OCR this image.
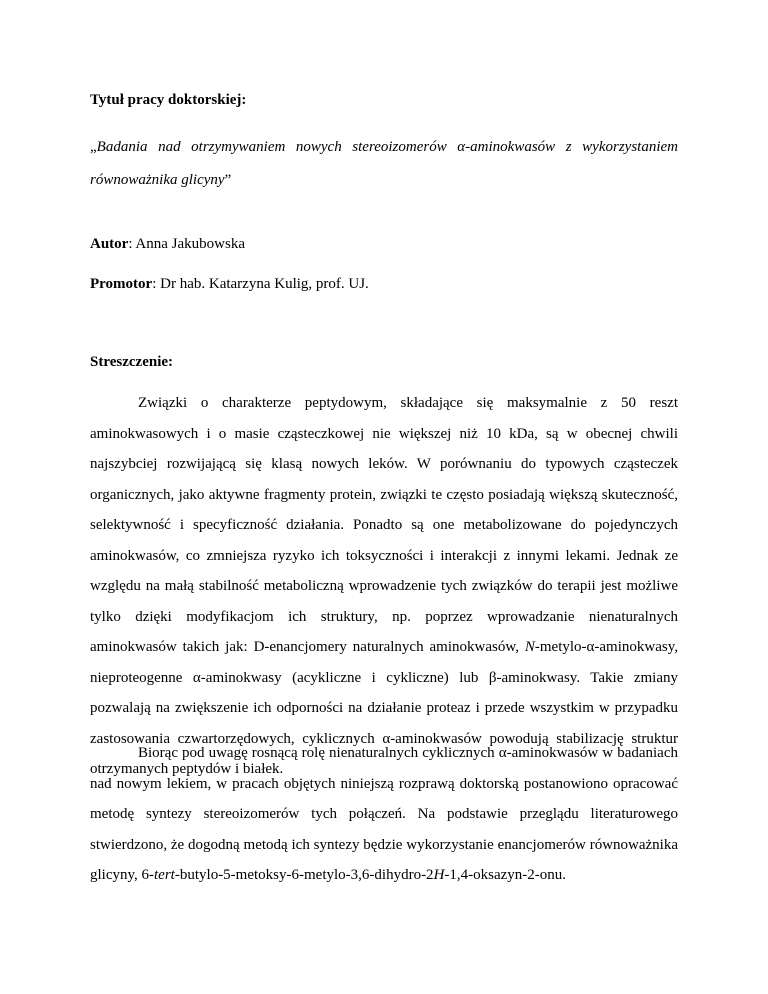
Tytuł pracy doktorskiej:
„Badania nad otrzymywaniem nowych stereoizomerów α-aminokwasów z wykorzystaniem równoważnika glicyny”
Autor: Anna Jakubowska
Promotor: Dr hab. Katarzyna Kulig, prof. UJ.
Streszczenie:
Związki o charakterze peptydowym, składające się maksymalnie z 50 reszt aminokwasowych i o masie cząsteczkowej nie większej niż 10 kDa, są w obecnej chwili najszybciej rozwijającą się klasą nowych leków. W porównaniu do typowych cząsteczek organicznych, jako aktywne fragmenty protein, związki te często posiadają większą skuteczność, selektywność i specyficzność działania. Ponadto są one metabolizowane do pojedynczych aminokwasów, co zmniejsza ryzyko ich toksyczności i interakcji z innymi lekami. Jednak ze względu na małą stabilność metaboliczną wprowadzenie tych związków do terapii jest możliwe tylko dzięki modyfikacjom ich struktury, np. poprzez wprowadzanie nienaturalnych aminokwasów takich jak: D-enancjomery naturalnych aminokwasów, N-metylo-α-aminokwasy, nieproteogenne α-aminokwasy (acykliczne i cykliczne) lub β-aminokwasy. Takie zmiany pozwalają na zwiększenie ich odporności na działanie proteaz i przede wszystkim w przypadku zastosowania czwartorzędowych, cyklicznych α-aminokwasów powodują stabilizację struktur otrzymanych peptydów i białek.
Biorąc pod uwagę rosnącą rolę nienaturalnych cyklicznych α-aminokwasów w badaniach nad nowym lekiem, w pracach objętych niniejszą rozprawą doktorską postanowiono opracować metodę syntezy stereoizomerów tych połączeń. Na podstawie przeglądu literaturowego stwierdzono, że dogodną metodą ich syntezy będzie wykorzystanie enancjomerów równoważnika glicyny, 6-tert-butylo-5-metoksy-6-metylo-3,6-dihydro-2H-1,4-oksazyn-2-onu.
